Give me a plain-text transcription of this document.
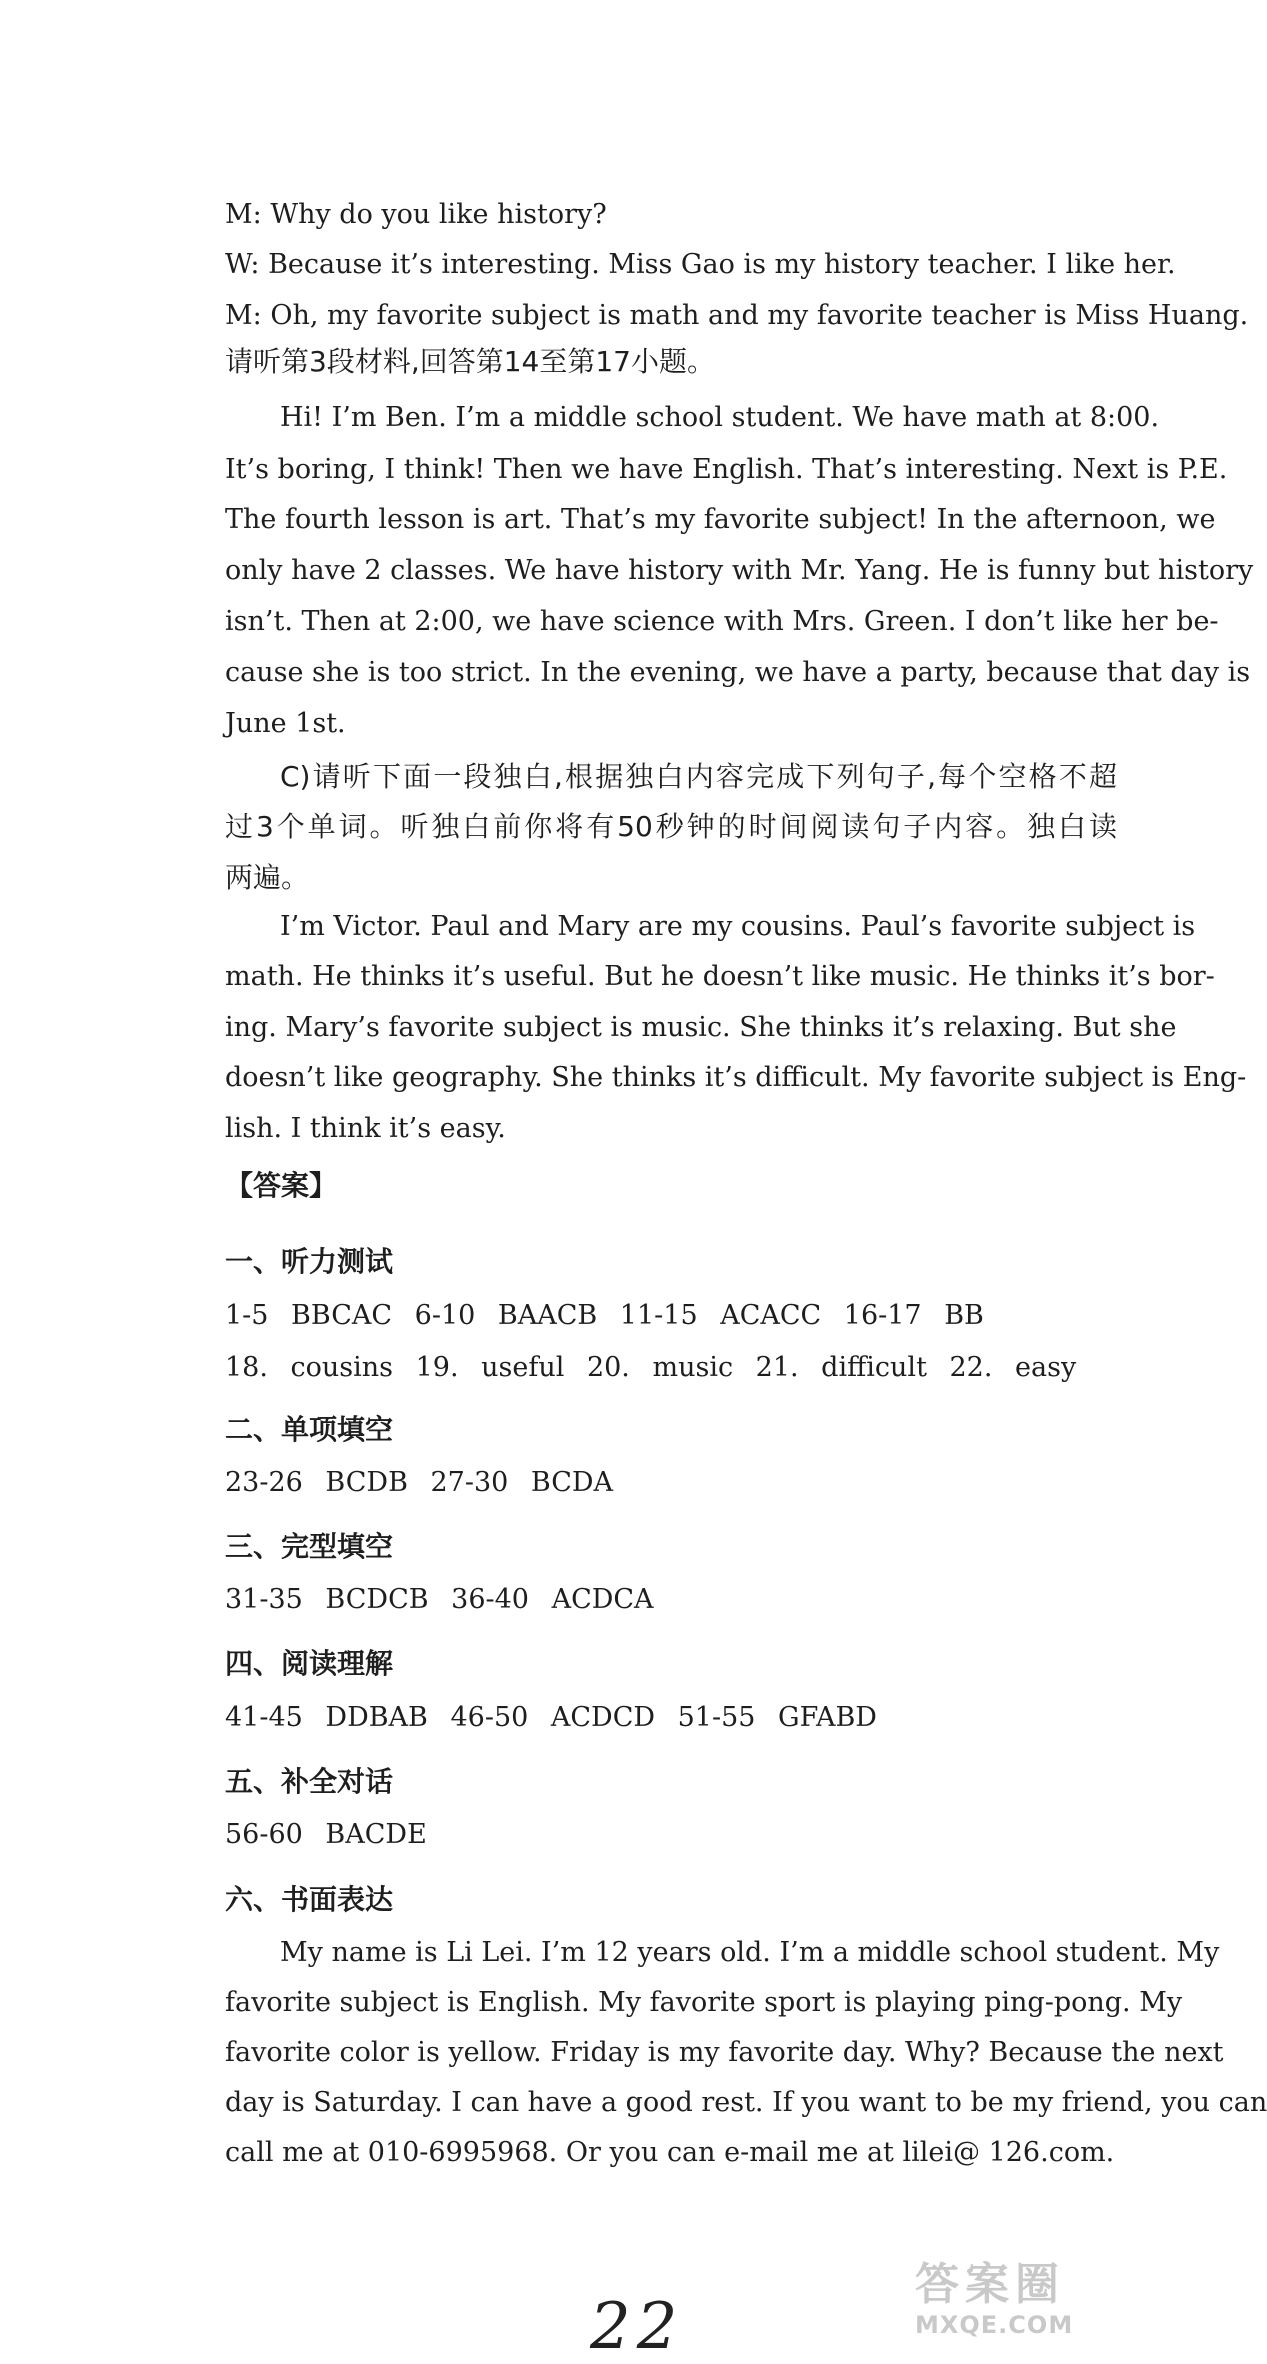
M: Why do you like history?
W: Because it’s interesting. Miss Gao is my history teacher. I like her.
M: Oh, my favorite subject is math and my favorite teacher is Miss Huang.
请听第3段材料,回答第14至第17小题。
Hi! I’m Ben. I’m a middle school student. We have math at 8:00.
It’s boring, I think! Then we have English. That’s interesting. Next is P.E.
The fourth lesson is art. That’s my favorite subject! In the afternoon, we
only have 2 classes. We have history with Mr. Yang. He is funny but history
isn’t. Then at 2:00, we have science with Mrs. Green. I don’t like her be-
cause she is too strict. In the evening, we have a party, because that day is
June 1st.
C)请听下面一段独白,根据独白内容完成下列句子,每个空格不超
过3个单词。听独白前你将有50秒钟的时间阅读句子内容。独白读
两遍。
I’m Victor. Paul and Mary are my cousins. Paul’s favorite subject is
math. He thinks it’s useful. But he doesn’t like music. He thinks it’s bor-
ing. Mary’s favorite subject is music. She thinks it’s relaxing. But she
doesn’t like geography. She thinks it’s difficult. My favorite subject is Eng-
lish. I think it’s easy.
【答案】
一、听力测试
1-5 BBCAC 6-10 BAACB 11-15 ACACC 16-17 BB
18. cousins 19. useful 20. music 21. difficult 22. easy
二、单项填空
23-26 BCDB 27-30 BCDA
三、完型填空
31-35 BCDCB 36-40 ACDCA
四、阅读理解
41-45 DDBAB 46-50 ACDCD 51-55 GFABD
五、补全对话
56-60 BACDE
六、书面表达
My name is Li Lei. I’m 12 years old. I’m a middle school student. My
favorite subject is English. My favorite sport is playing ping-pong. My
favorite color is yellow. Friday is my favorite day. Why? Because the next
day is Saturday. I can have a good rest. If you want to be my friend, you can
call me at 010-6995968. Or you can e-mail me at lilei@ 126.com.
22
答案圈
MXQE.COM
